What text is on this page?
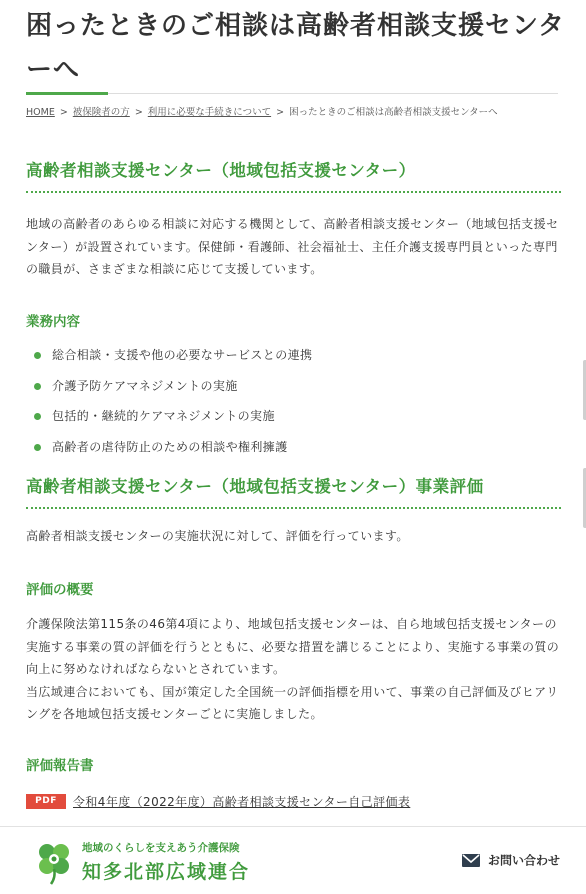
困ったときのご相談は高齢者相談支援センターへ
HOME > 被保険者の方 > 利用に必要な手続きについて > 困ったときのご相談は高齢者相談支援センターへ
高齢者相談支援センター（地域包括支援センター）

地域の高齢者のあらゆる相談に対応する機関として、高齢者相談支援センター（地域包括支援センター）が設置されています。保健師・看護師、社会福祉士、主任介護支援専門員といった専門の職員が、さまざまな相談に応じて支援しています。

業務内容
総合相談・支援や他の必要なサービスとの連携
介護予防ケアマネジメントの実施
包括的・継続的ケアマネジメントの実施
高齢者の虐待防止のための相談や権利擁護
高齢者相談支援センター（地域包括支援センター）事業評価

高齢者相談支援センターの実施状況に対して、評価を行っています。

評価の概要

介護保険法第115条の46第4項により、地域包括支援センターは、自ら地域包括支援センターの実施する事業の質の評価を行うとともに、必要な措置を講じることにより、実施する事業の質の向上に努めなければならないとされています。
当広域連合においても、国が策定した全国統一の評価指標を用いて、事業の自己評価及びヒアリングを各地域包括支援センターごとに実施しました。

評価報告書
PDF 令和4年度（2022年度）高齢者相談支援センター自己評価表
地域のくらしを支えあう介護保険
知多北部広域連合
お問い合わせ
